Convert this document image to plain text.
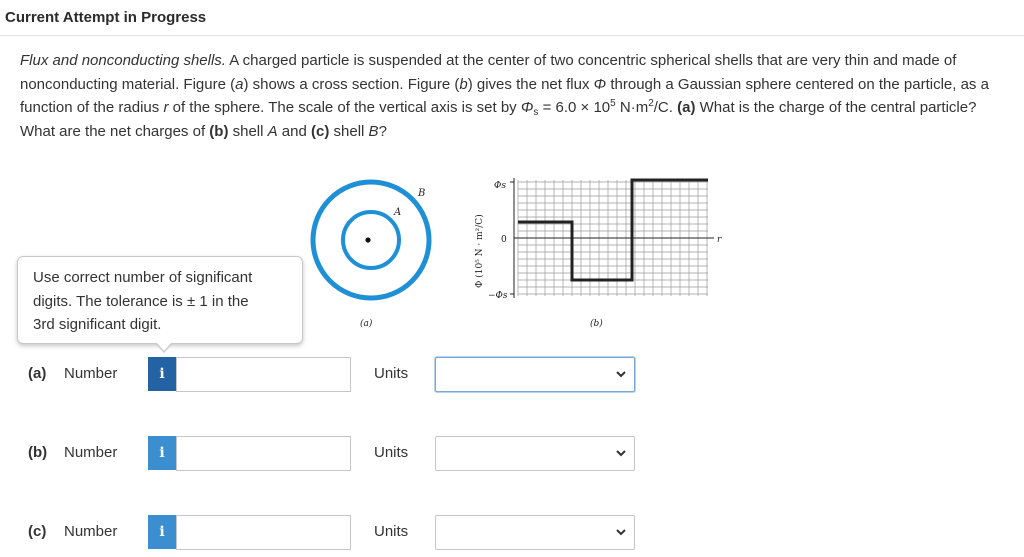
Current Attempt in Progress
Flux and nonconducting shells. A charged particle is suspended at the center of two concentric spherical shells that are very thin and made of nonconducting material. Figure (a) shows a cross section. Figure (b) gives the net flux Φ through a Gaussian sphere centered on the particle, as a function of the radius r of the sphere. The scale of the vertical axis is set by $\Phi_s = 6.0 \times 10^5$ $N\cdot m^2/C$. (a) What is the charge of the central particle? What are the net charges of (b) shell A and (c) shell B?
A
B
(a)
Φs
0
−Φs
r
Φ (10⁵ N · m²/C)
(b)
Use correct number of significant
digits. The tolerance is ± 1 in the
3rd significant digit.
(a) Number	i	Units
(b) Number	i	Units
(c) Number	i	Units
